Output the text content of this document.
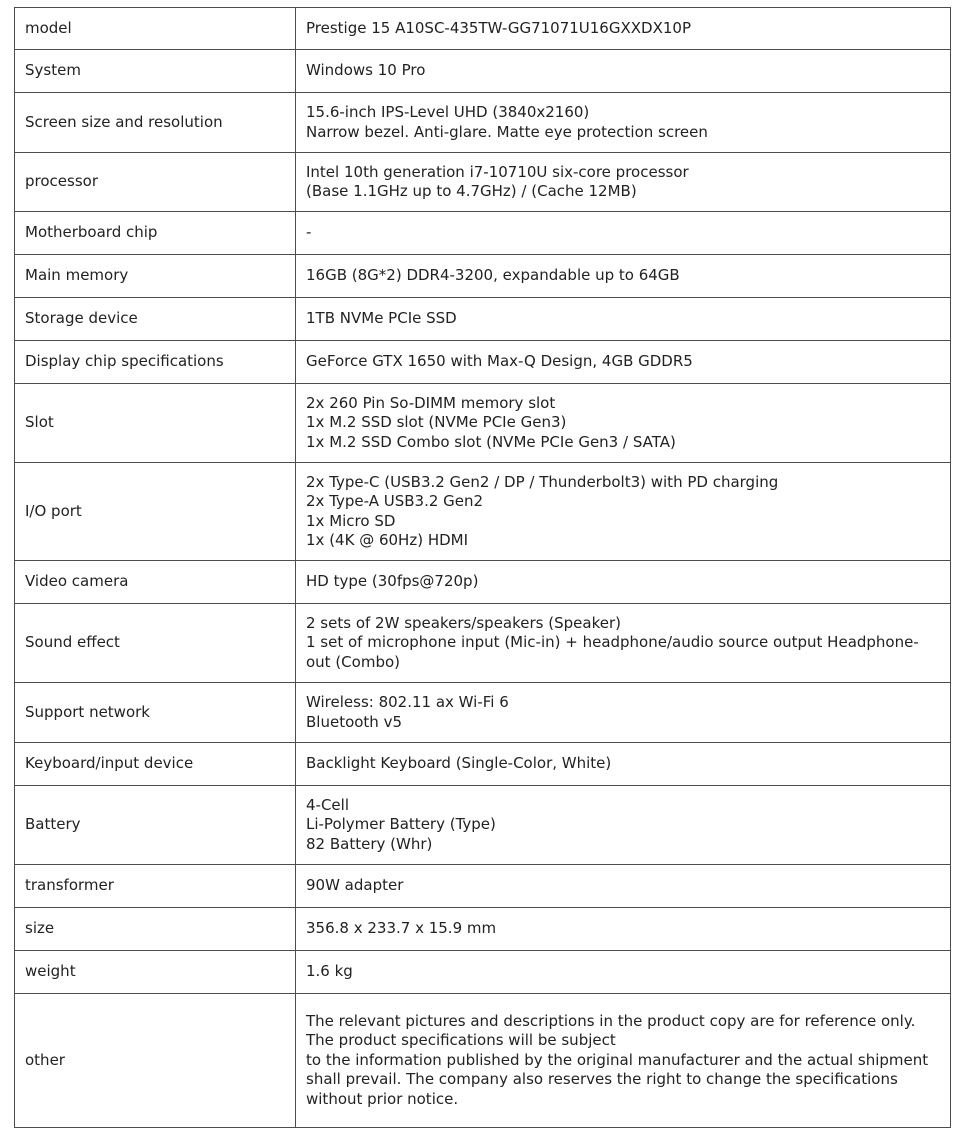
model	Prestige 15 A10SC-435TW-GG71071U16GXXDX10P

System	Windows 10 Pro

Screen size and resolution	15.6-inch IPS-Level UHD (3840x2160)
Narrow bezel. Anti-glare. Matte eye protection screen

processor	Intel 10th generation i7-10710U six-core processor
(Base 1.1GHz up to 4.7GHz) / (Cache 12MB)

Motherboard chip	-

Main memory	16GB (8G*2) DDR4-3200, expandable up to 64GB

Storage device	1TB NVMe PCIe SSD

Display chip specifications	GeForce GTX 1650 with Max-Q Design, 4GB GDDR5

Slot	2x 260 Pin So-DIMM memory slot
1x M.2 SSD slot (NVMe PCIe Gen3)
1x M.2 SSD Combo slot (NVMe PCIe Gen3 / SATA)

I/O port	2x Type-C (USB3.2 Gen2 / DP / Thunderbolt3) with PD charging
2x Type-A USB3.2 Gen2
1x Micro SD
1x (4K @ 60Hz) HDMI

Video camera	HD type (30fps@720p)

Sound effect	2 sets of 2W speakers/speakers (Speaker)
1 set of microphone input (Mic-in) + headphone/audio source output Headphone-out (Combo)

Support network	Wireless: 802.11 ax Wi-Fi 6
Bluetooth v5

Keyboard/input device	Backlight Keyboard (Single-Color, White)

Battery	4-Cell
Li-Polymer Battery (Type)
82 Battery (Whr)

transformer	90W adapter

size	356.8 x 233.7 x 15.9 mm

weight	1.6 kg

other	The relevant pictures and descriptions in the product copy are for reference only. The product specifications will be subject
to the information published by the original manufacturer and the actual shipment shall prevail. The company also reserves the right to change the specifications without prior notice.
